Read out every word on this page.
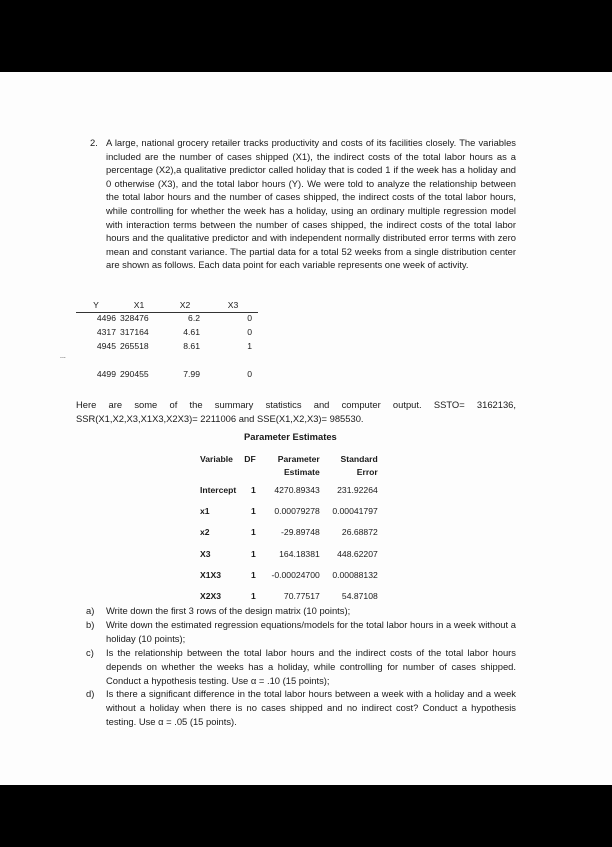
2. A large, national grocery retailer tracks productivity and costs of its facilities closely. The variables included are the number of cases shipped (X1), the indirect costs of the total labor hours as a percentage (X2),a qualitative predictor called holiday that is coded 1 if the week has a holiday and 0 otherwise (X3), and the total labor hours (Y). We were told to analyze the relationship between the total labor hours and the number of cases shipped, the indirect costs of the total labor hours, while controlling for whether the week has a holiday, using an ordinary multiple regression model with interaction terms between the number of cases shipped, the indirect costs of the total labor hours and the qualitative predictor and with independent normally distributed error terms with zero mean and constant variance. The partial data for a total 52 weeks from a single distribution center are shown as follows. Each data point for each variable represents one week of activity.
Y	X1	X2	X3
4496	328476	6.2	0
4317	317164	4.61	0
4945	265518	8.61	1
...
4499	290455	7.99	0
Here are some of the summary statistics and computer output. SSTO= 3162136, SSR(X1,X2,X3,X1X3,X2X3)= 2211006 and SSE(X1,X2,X3)= 985530.
Parameter Estimates
Variable	DF	Parameter Estimate	Standard Error
Intercept	1	4270.89343	231.92264
x1	1	0.00079278	0.00041797
x2	1	-29.89748	26.68872
X3	1	164.18381	448.62207
X1X3	1	-0.00024700	0.00088132
X2X3	1	70.77517	54.87108
a)	Write down the first 3 rows of the design matrix (10 points);
b)	Write down the estimated regression equations/models for the total labor hours in a week without a holiday (10 points);
c)	Is the relationship between the total labor hours and the indirect costs of the total labor hours depends on whether the weeks has a holiday, while controlling for number of cases shipped. Conduct a hypothesis testing. Use α = .10 (15 points);
d)	Is there a significant difference in the total labor hours between a week with a holiday and a week without a holiday when there is no cases shipped and no indirect cost? Conduct a hypothesis testing. Use α = .05 (15 points).
